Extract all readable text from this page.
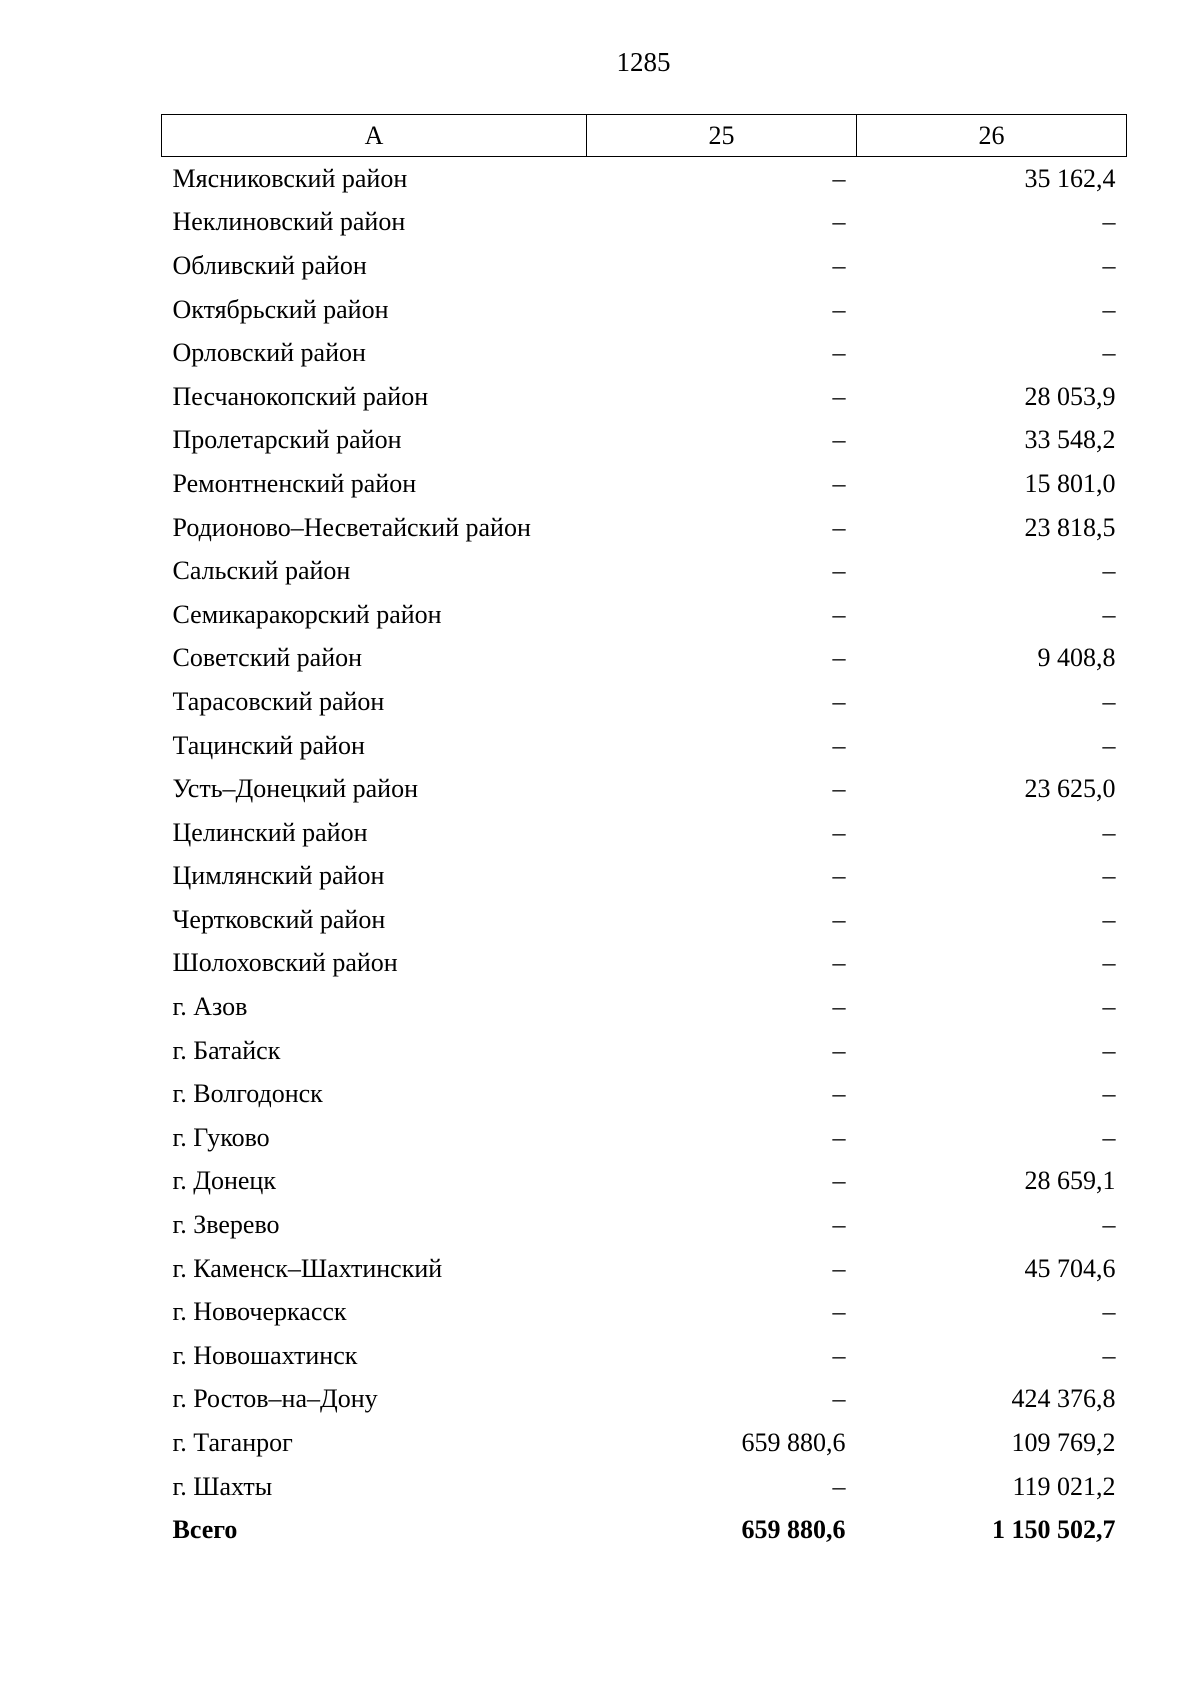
1285
А	25	26
Мясниковский район	–	35 162,4
Неклиновский район	–	–
Обливский район	–	–
Октябрьский район	–	–
Орловский район	–	–
Песчанокопский район	–	28 053,9
Пролетарский район	–	33 548,2
Ремонтненский район	–	15 801,0
Родионово–Несветайский район	–	23 818,5
Сальский район	–	–
Семикаракорский район	–	–
Советский район	–	9 408,8
Тарасовский район	–	–
Тацинский район	–	–
Усть–Донецкий район	–	23 625,0
Целинский район	–	–
Цимлянский район	–	–
Чертковский район	–	–
Шолоховский район	–	–
г. Азов	–	–
г. Батайск	–	–
г. Волгодонск	–	–
г. Гуково	–	–
г. Донецк	–	28 659,1
г. Зверево	–	–
г. Каменск–Шахтинский	–	45 704,6
г. Новочеркасск	–	–
г. Новошахтинск	–	–
г. Ростов–на–Дону	–	424 376,8
г. Таганрог	659 880,6	109 769,2
г. Шахты	–	119 021,2
Всего	659 880,6	1 150 502,7
